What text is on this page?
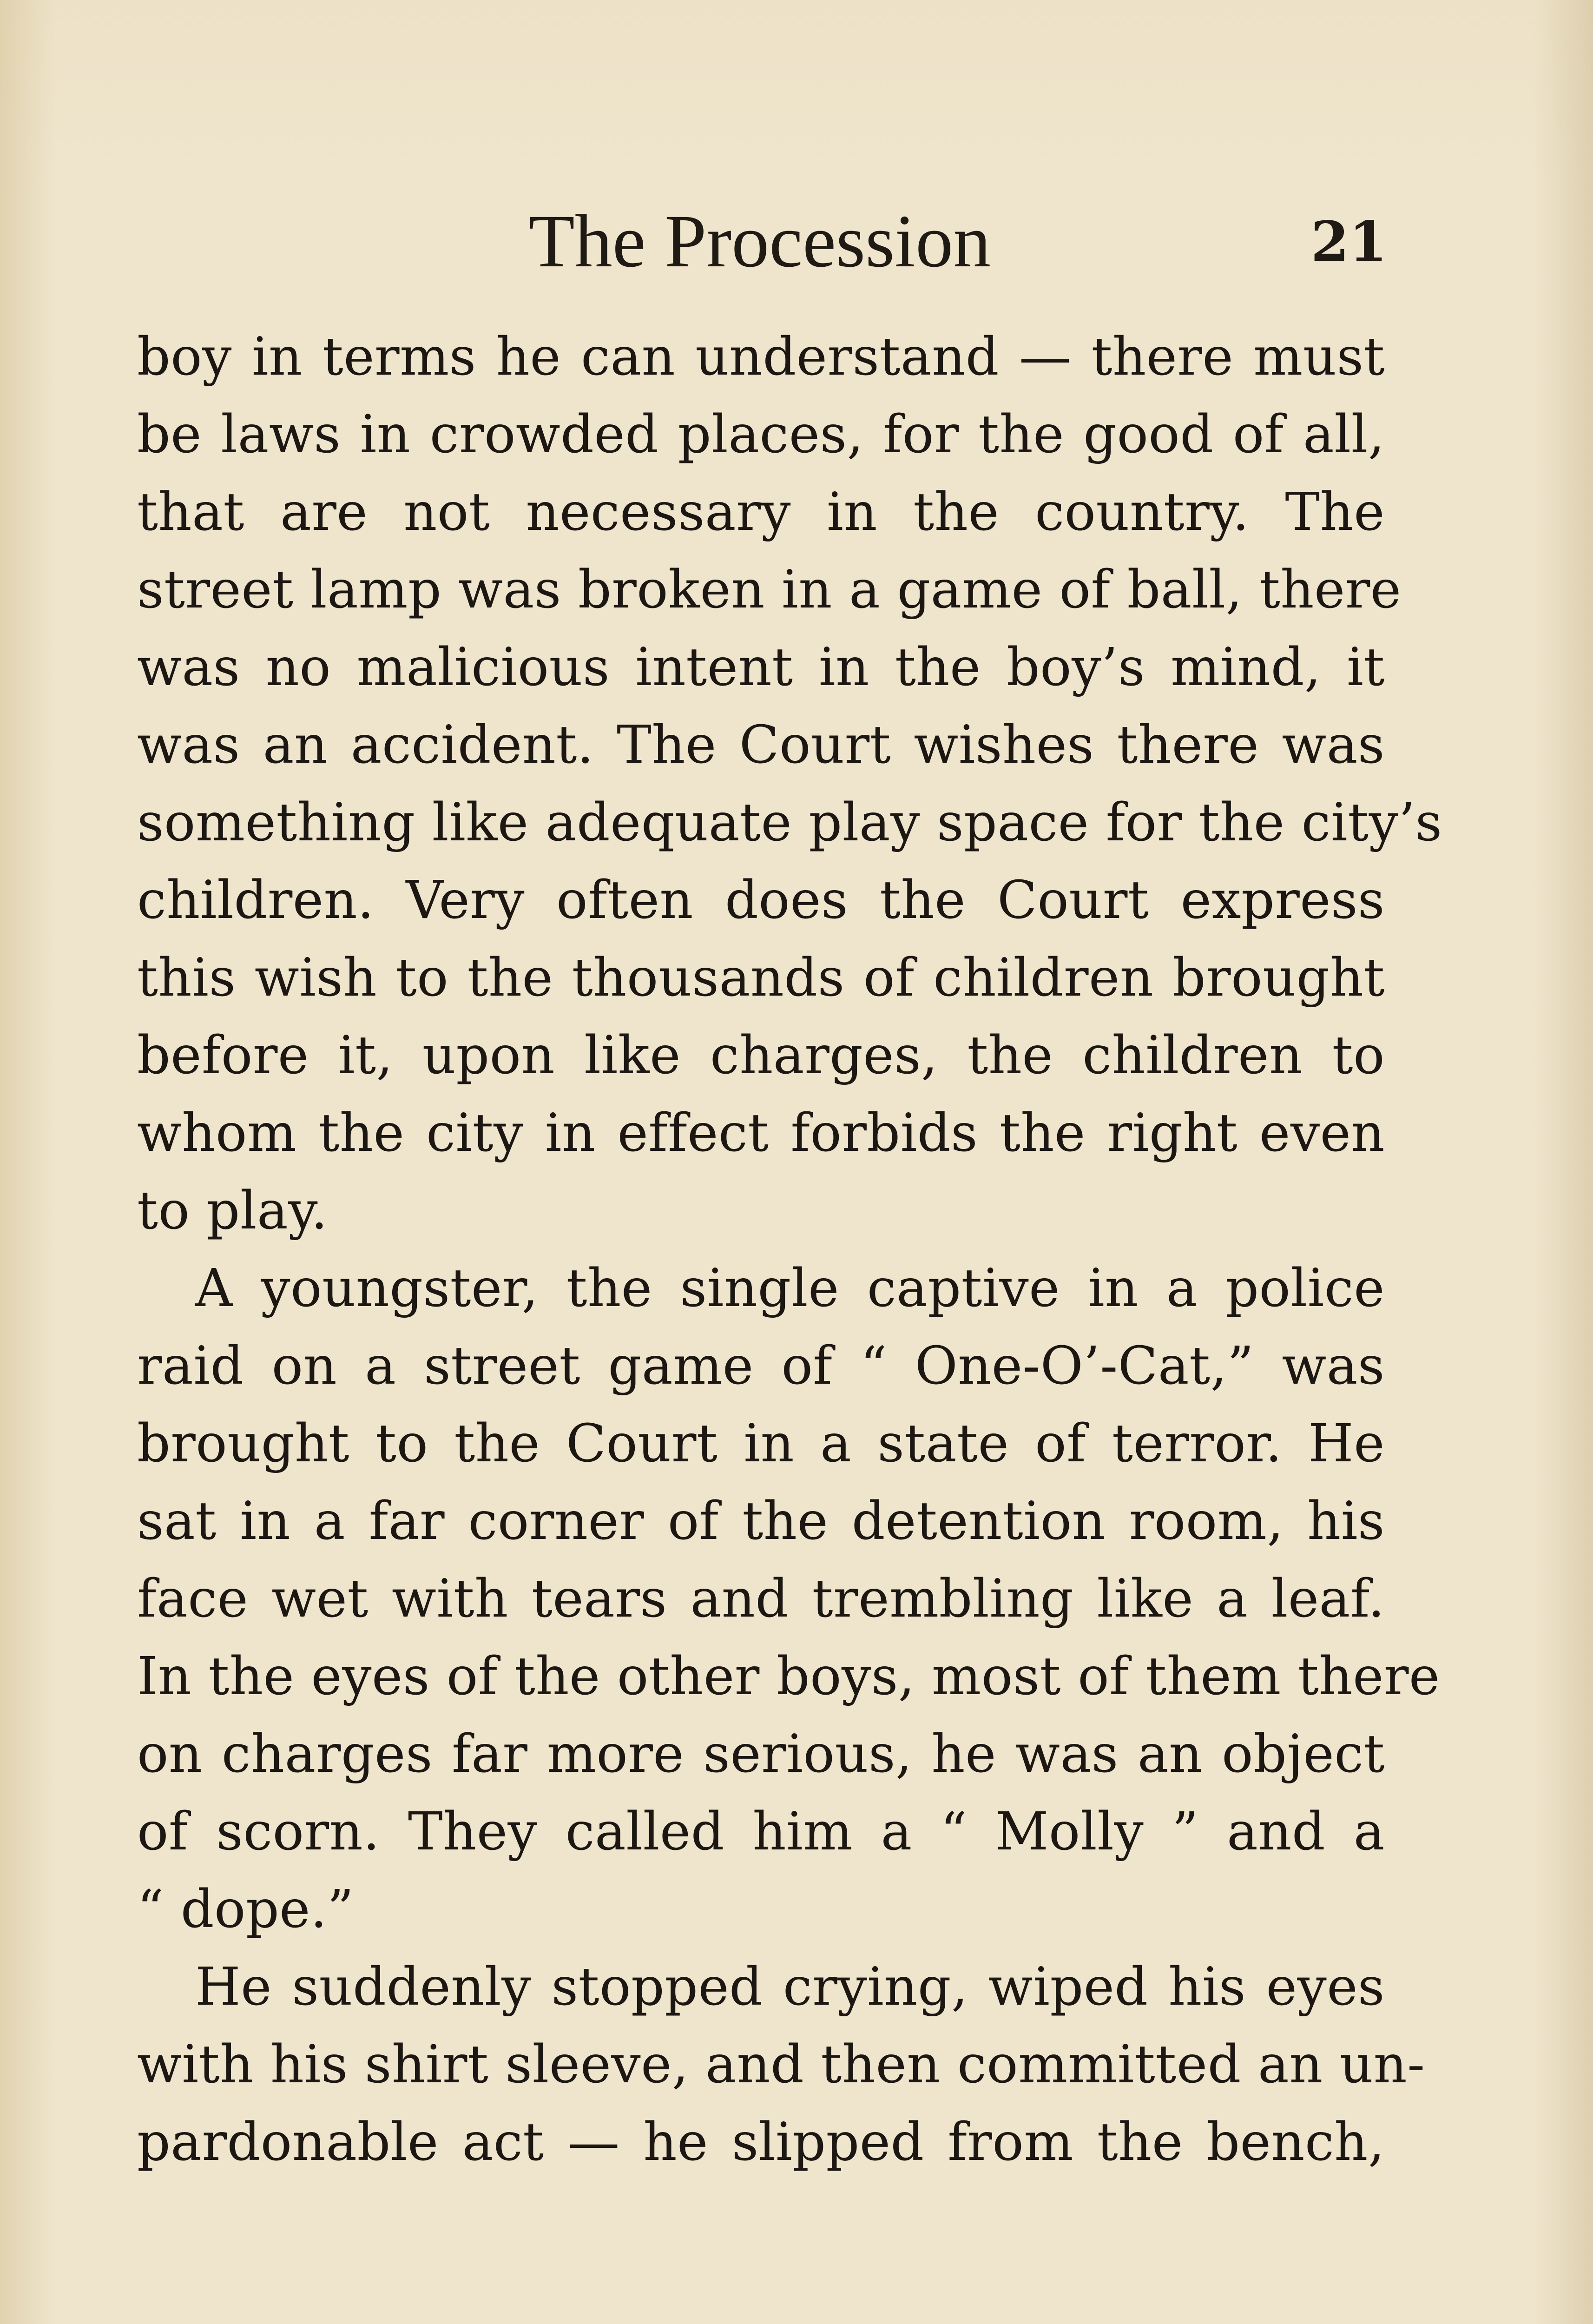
The Procession	21
boy in terms he can understand — there must
be laws in crowded places, for the good of all,
that are not necessary in the country. The
street lamp was broken in a game of ball, there
was no malicious intent in the boy’s mind, it
was an accident. The Court wishes there was
something like adequate play space for the city’s
children. Very often does the Court express
this wish to the thousands of children brought
before it, upon like charges, the children to
whom the city in effect forbids the right even
to play.
A youngster, the single captive in a police
raid on a street game of “ One-O’-Cat,” was
brought to the Court in a state of terror. He
sat in a far corner of the detention room, his
face wet with tears and trembling like a leaf.
In the eyes of the other boys, most of them there
on charges far more serious, he was an object
of scorn. They called him a “ Molly ” and a
“ dope.”
He suddenly stopped crying, wiped his eyes
with his shirt sleeve, and then committed an un-
pardonable act — he slipped from the bench,
